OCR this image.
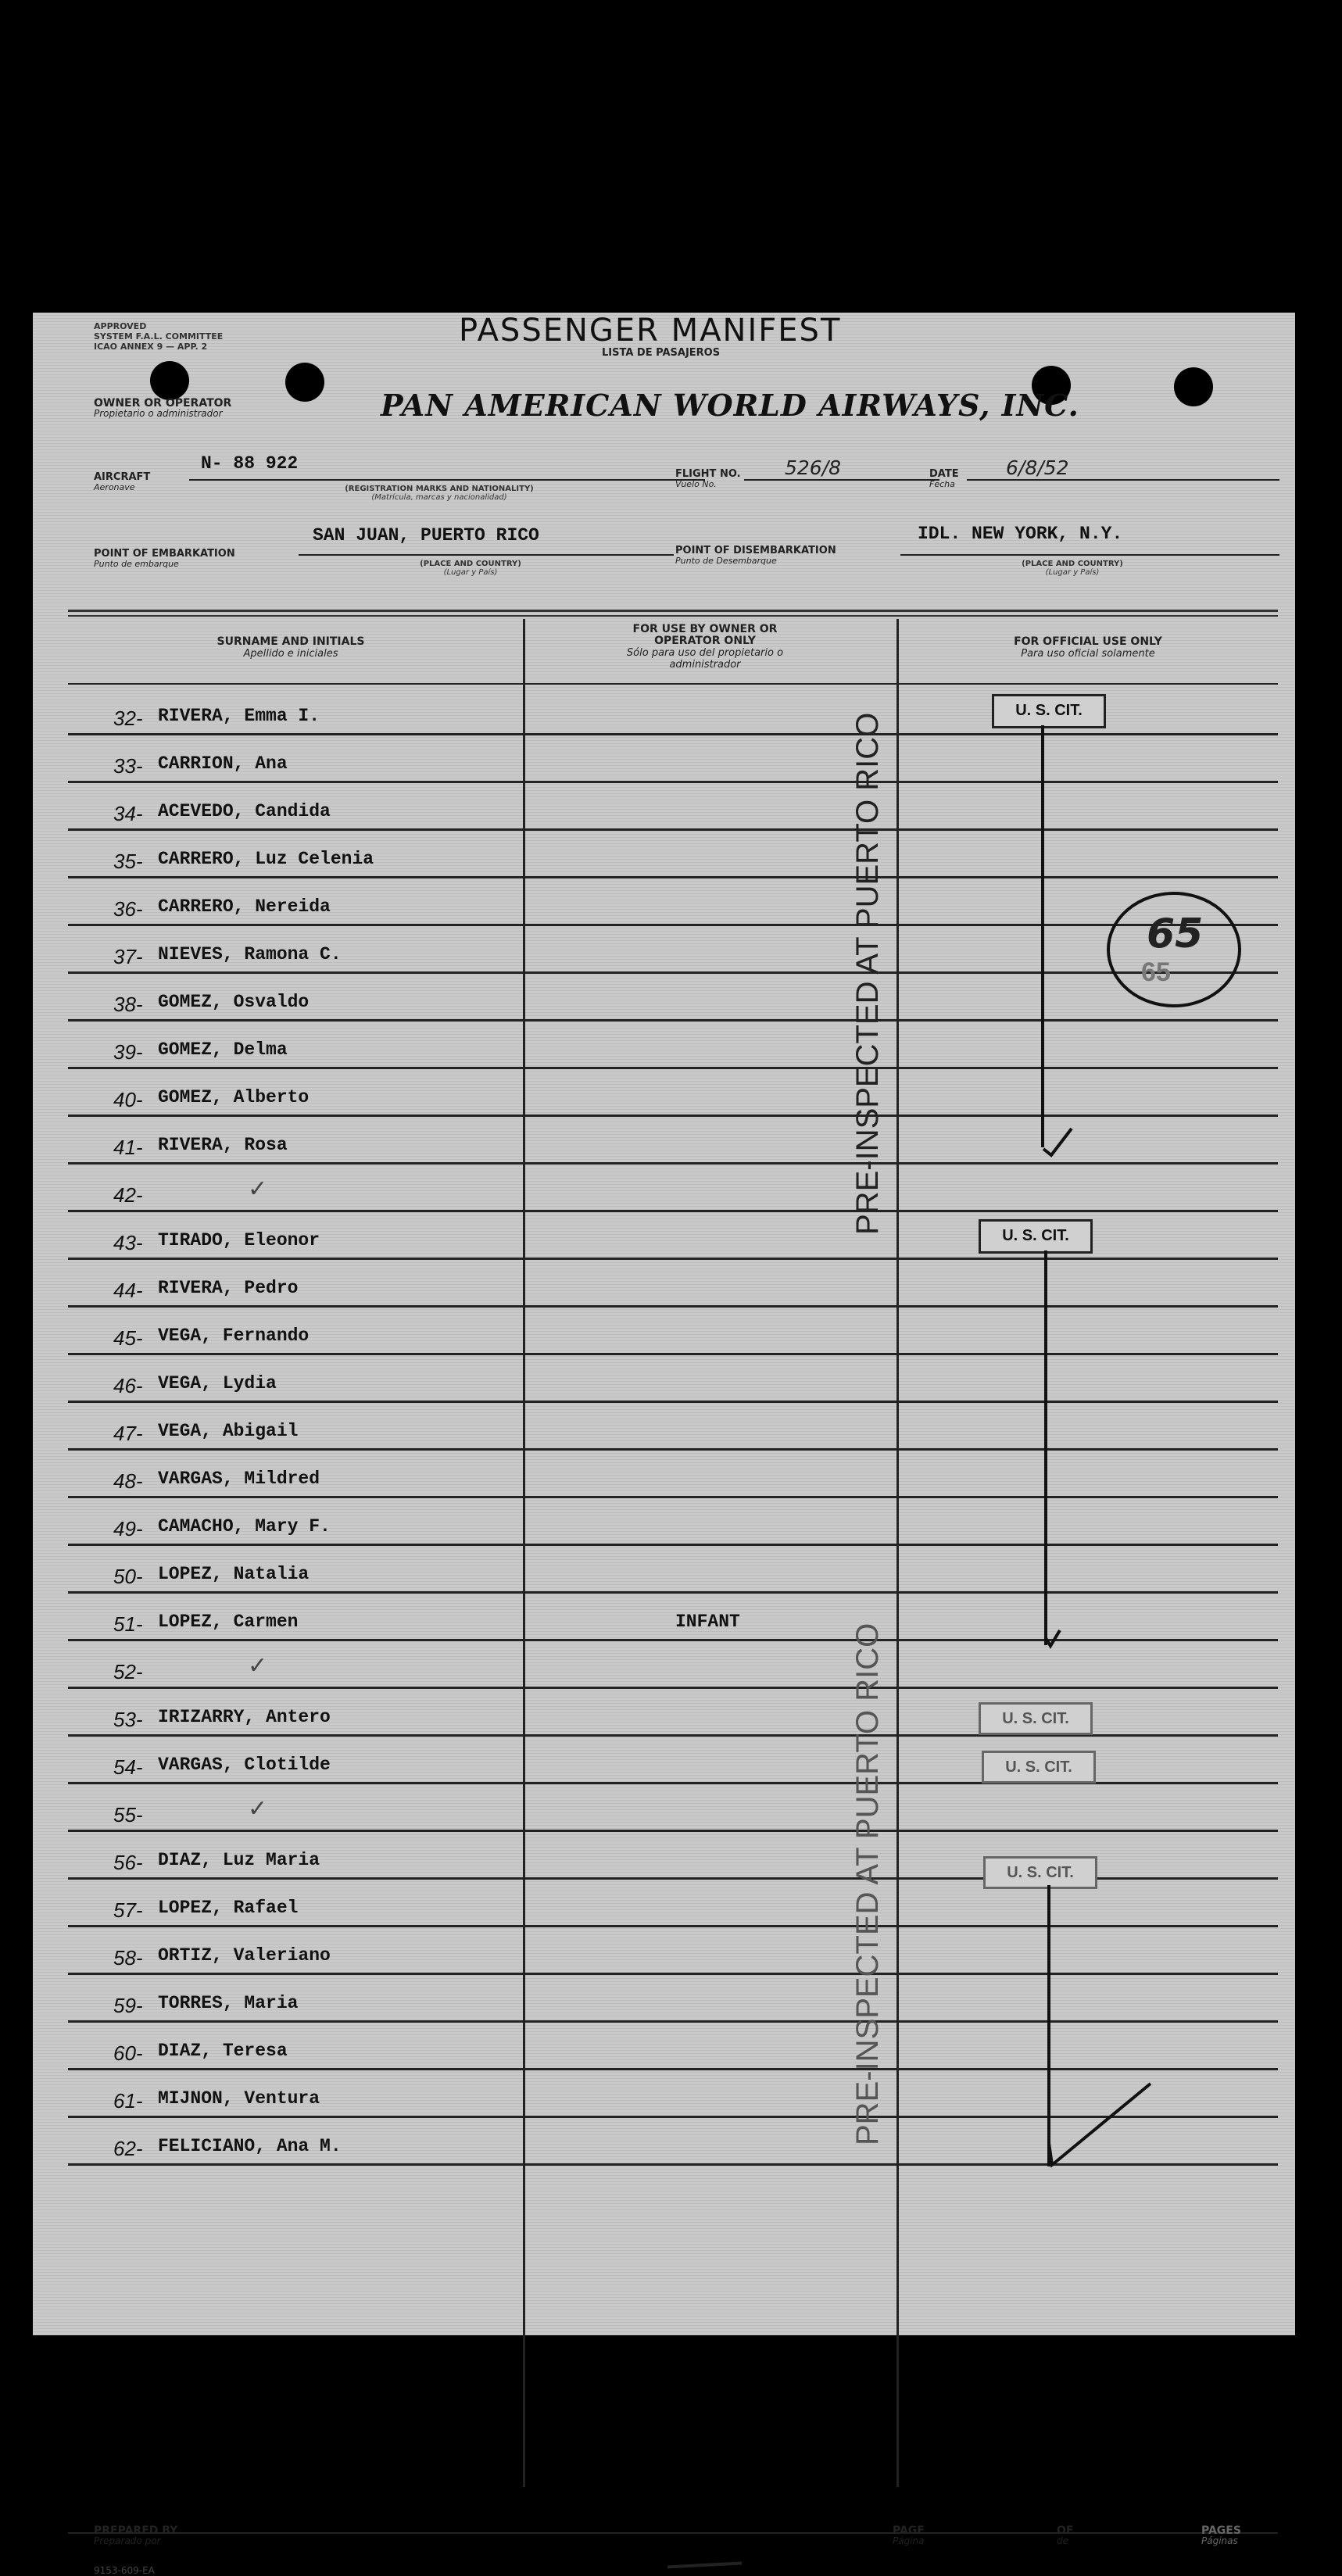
APPROVED
SYSTEM F.A.L. COMMITTEE
ICAO ANNEX 9 — APP. 2	PASSENGER MANIFEST
LISTA DE PASAJEROS
OWNER OR OPERATOR
Propietario o administrador	PAN AMERICAN WORLD AIRWAYS, INC.
AIRCRAFT
Aeronave
N- 88 922
(REGISTRATION MARKS AND NATIONALITY)
(Matrícula, marcas y nacionalidad)
FLIGHT NO.
Vuelo No.
526/8	DATE
Fecha
6/8/52
POINT OF EMBARKATION
Punto de embarque
SAN JUAN, PUERTO RICO
(PLACE AND COUNTRY)
(Lugar y País)
POINT OF DISEMBARKATION
Punto de Desembarque
IDL. NEW YORK, N.Y.
(PLACE AND COUNTRY)
(Lugar y País)
SURNAME AND INITIALS
Apellido e iniciales
FOR USE BY OWNER OR OPERATOR ONLY
Sólo para uso del propietario o administrador
FOR OFFICIAL USE ONLY
Para uso oficial solamente
32- RIVERA, Emma I.
33- CARRION, Ana
34- ACEVEDO, Candida
35- CARRERO, Luz Celenia
36- CARRERO, Nereida
37- NIEVES, Ramona C.
38- GOMEZ, Osvaldo
39- GOMEZ, Delma
40- GOMEZ, Alberto
41- RIVERA, Rosa
42-	✓
43- TIRADO, Eleonor
44- RIVERA, Pedro
45- VEGA, Fernando
46- VEGA, Lydia
47- VEGA, Abigail
48- VARGAS, Mildred
49- CAMACHO, Mary F.
50- LOPEZ, Natalia
51- LOPEZ, Carmen	INFANT
52-	✓
53- IRIZARRY, Antero
54- VARGAS, Clotilde
55-	✓
56- DIAZ, Luz Maria
57- LOPEZ, Rafael
58- ORTIZ, Valeriano
59- TORRES, Maria
60- DIAZ, Teresa
61- MIJNON, Ventura
62- FELICIANO, Ana M.
PRE-INSPECTED AT PUERTO RICO
PRE-INSPECTED AT PUERTO RICO
U. S. CIT.
U. S. CIT.
U. S. CIT.
U. S. CIT.
U. S. CIT.
65
65
PREPARED BY
Preparado por
PAGE
Página
OF
de
PAGES
Páginas
9153-609-EA
